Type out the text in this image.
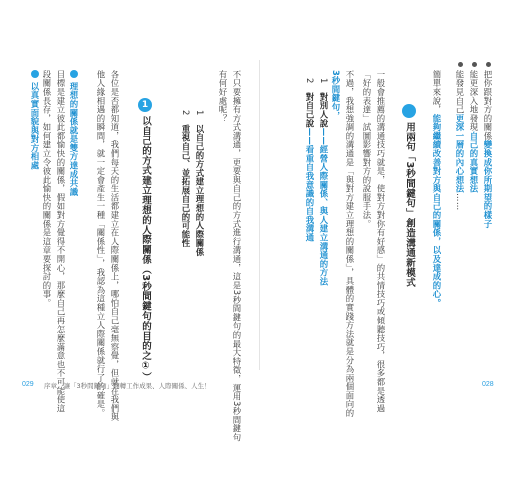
把你跟對方的關係變換成你所期望的樣子
能更深入地發現自己的真實想法
能發見自己更深一層的內心想法……
簡單來說，能夠繼續改善對方與自己的關係，以及達成的心。
用兩句「3秒間鍵句」創造溝通新模式
一般會推薦的溝通技巧就是，使對方對你有好感」的共情技巧或傾聽技巧，很多都是透過
「好的表達」試圖影響對方的說服手法。
不過，我想強調的溝通是「與對方建立理想的關係」，具體的實踐方法就是分為兩個面向的
3秒間鍵句，
1　對別人說——經營人際關係、與人建立溝通的方法
2　對自己說——看重自我意識的自我溝通
028
不只要擁有方式溝通，更要與自己的方式進行溝通，這是3秒間鍵句的最大特徵，運用3秒間鍵句
有何好處呢？
1　以自己的方式建立理想的人際關係
2　重視自己、並拓展自己的可能性
1
以自己的方式建立理想的人際關係（3秒間鍵句的目的之①）
各位是否都知道，我們每天的生活都建立在人際關係上，哪怕自己毫無察覺，但就在我們與
他人緣相遇的瞬間，就一定會產生一種「關係性」，我認為這種立人際關係就行了的確是。
理想的關係就是雙方達成共識
目標是建立彼此都愉快的關係，假如對方覺得不開心，那麼自己再怎麼滿意也不可能使這
段關係長存，如何建立令彼此愉快的關係是這章要探討的事。
以真實面貌與對方相處
029 序章　讓「3秒間鍵句」翻轉工作成果、人際關係、人生！
